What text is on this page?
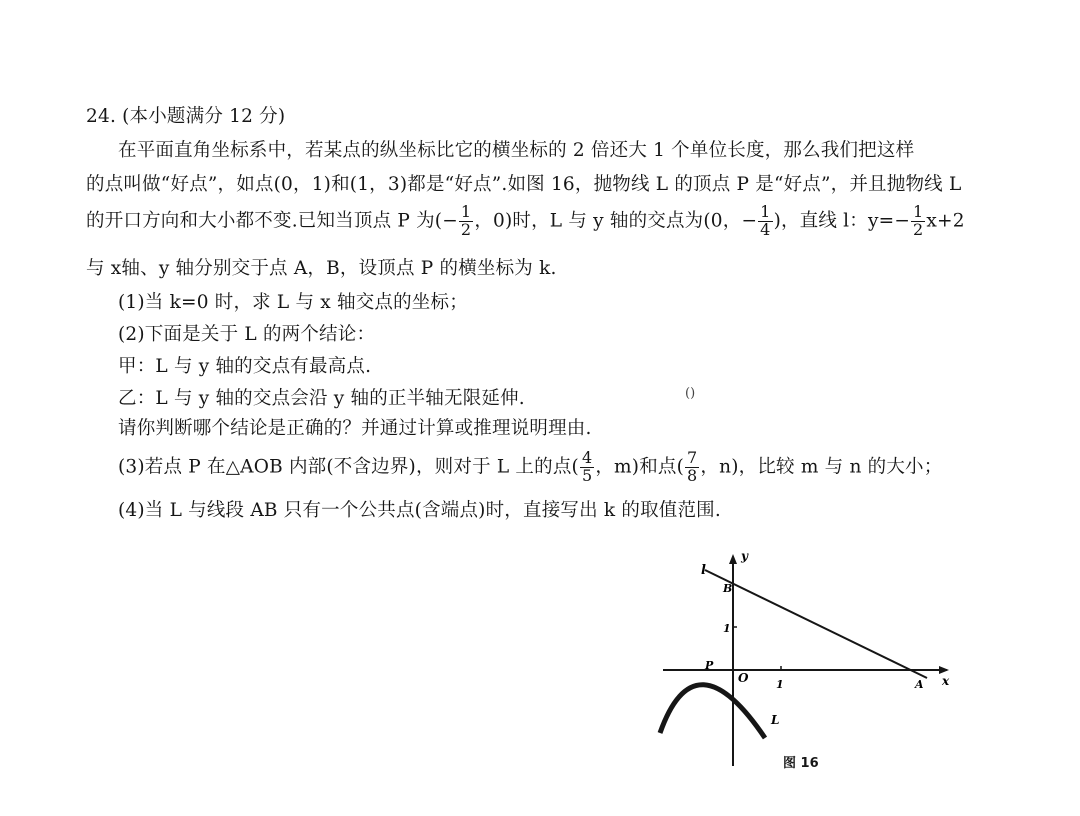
24. (本小题满分 12 分)
在平面直角坐标系中，若某点的纵坐标比它的横坐标的 2 倍还大 1 个单位长度，那么我们把这样
的点叫做“好点”，如点(0，1)和(1，3)都是“好点”.如图 16，抛物线 L 的顶点 P 是“好点”，并且抛物线 L
的开口方向和大小都不变.已知当顶点 P 为(− $\frac{1}{2}$ ，0)时，L 与 y 轴的交点为(0，− $\frac{1}{4}$ )，直线 l：$y=- \frac{1}{2} x+2$
与 x轴、y 轴分别交于点 A，B，设顶点 P 的横坐标为 k.
(1)当 k=0 时，求 L 与 x 轴交点的坐标；
(2)下面是关于 L 的两个结论：
甲：L 与 y 轴的交点有最高点.
乙：L 与 y 轴的交点会沿 y 轴的正半轴无限延伸.	()
请你判断哪个结论是正确的？并通过计算或推理说明理由.
(3)若点 P 在△AOB 内部(不含边界)，则对于 L 上的点( $\frac{4}{5}$ ，m)和点( $\frac{7}{8}$ ，n)，比较 m 与 n 的大小；
(4)当 L 与线段 AB 只有一个公共点(含端点)时，直接写出 k 的取值范围.
y
x
l
B
A
P
O	1
1
L
图 16
